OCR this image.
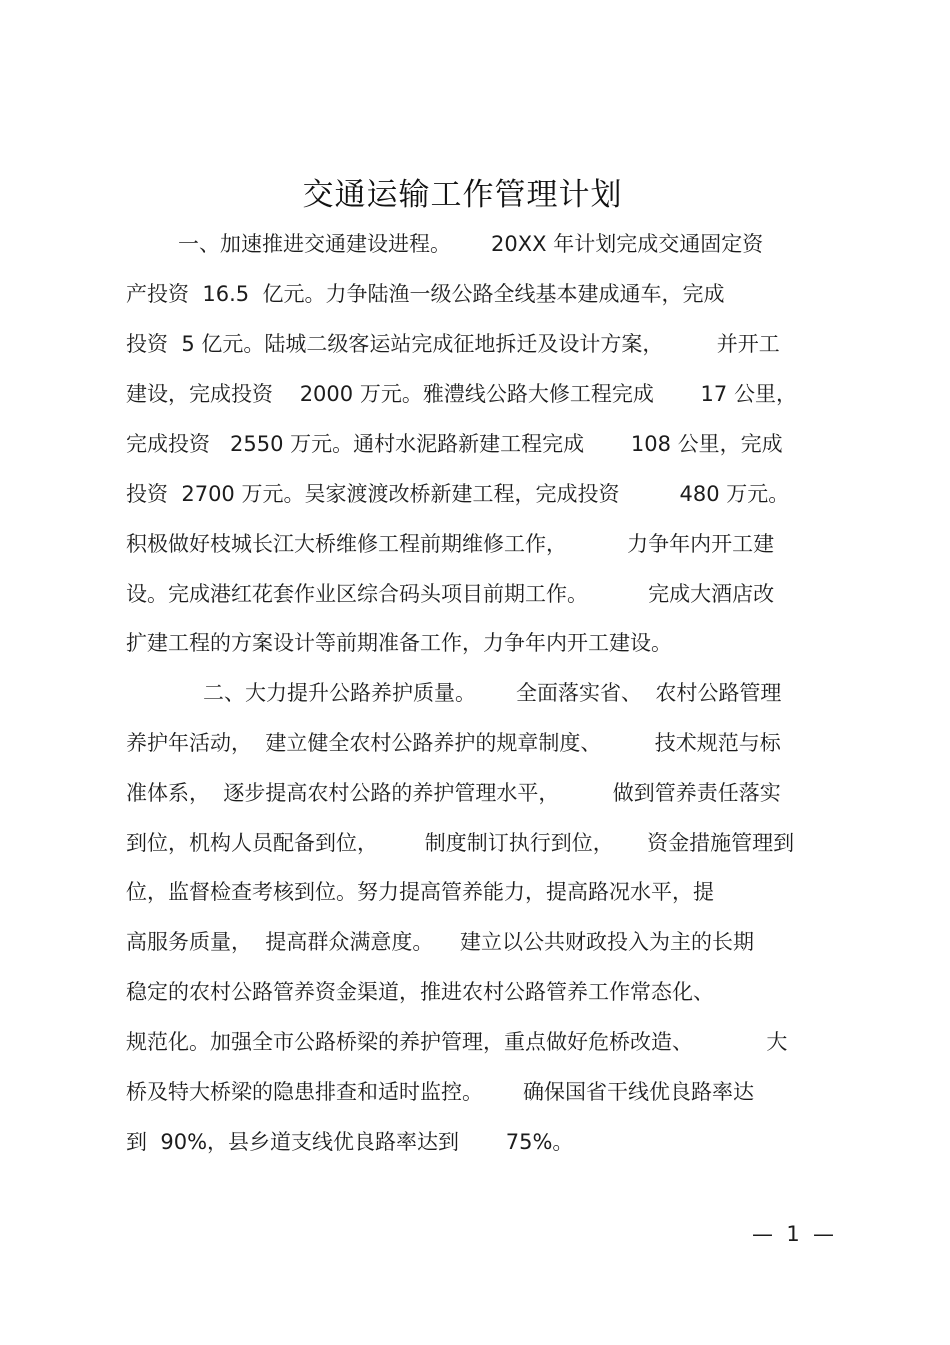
交通运输工作管理计划
一、加速推进交通建设进程。      20XX 年计划完成交通固定资
产投资  16.5  亿元。力争陆渔一级公路全线基本建成通车，完成
投资  5 亿元。陆城二级客运站完成征地拆迁及设计方案，        并开工
建设，完成投资    2000 万元。雅澧线公路大修工程完成       17 公里，
完成投资   2550 万元。通村水泥路新建工程完成       108 公里，完成
投资  2700 万元。吴家渡渡改桥新建工程，完成投资         480 万元。
积极做好枝城长江大桥维修工程前期维修工作，         力争年内开工建
设。完成港红花套作业区综合码头项目前期工作。         完成大酒店改
扩建工程的方案设计等前期准备工作，力争年内开工建设。
二、大力提升公路养护质量。      全面落实省、  农村公路管理
养护年活动，  建立健全农村公路养护的规章制度、        技术规范与标
准体系，  逐步提高农村公路的养护管理水平，        做到管养责任落实
到位，机构人员配备到位，       制度制订执行到位，     资金措施管理到
位，监督检查考核到位。努力提高管养能力，提高路况水平，提
高服务质量，  提高群众满意度。    建立以公共财政投入为主的长期
稳定的农村公路管养资金渠道，推进农村公路管养工作常态化、
规范化。加强全市公路桥梁的养护管理，重点做好危桥改造、           大
桥及特大桥梁的隐患排查和适时监控。      确保国省干线优良路率达
到  90%，县乡道支线优良路率达到       75%。
—  1  —
